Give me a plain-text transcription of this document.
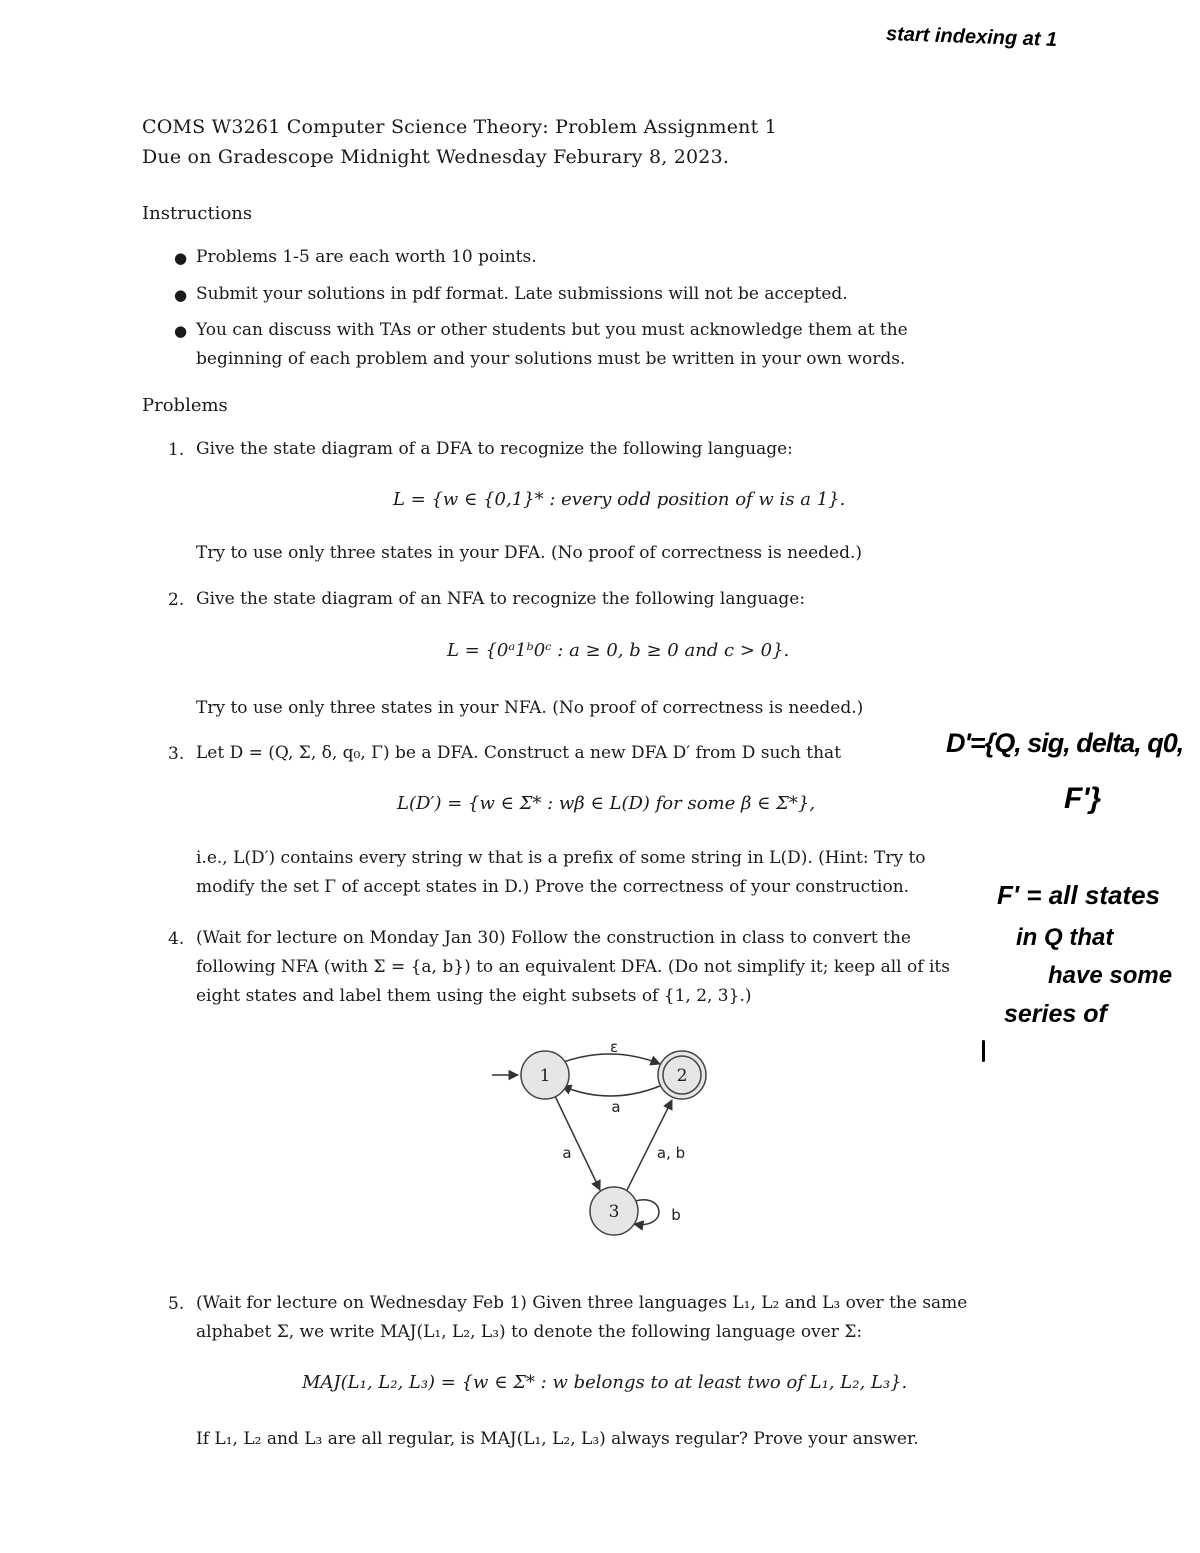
start indexing at 1
D'={Q, sig, delta, q0,
F'}
F' = all states
in Q that
have some
series of
COMS W3261 Computer Science Theory: Problem Assignment 1
Due on Gradescope Midnight Wednesday Feburary 8, 2023.
Instructions
● Problems 1-5 are each worth 10 points.
● Submit your solutions in pdf format. Late submissions will not be accepted.
● You can discuss with TAs or other students but you must acknowledge them at the
beginning of each problem and your solutions must be written in your own words.
Problems
1. Give the state diagram of a DFA to recognize the following language:
L = {w ∈ {0,1}* : every odd position of w is a 1}.
Try to use only three states in your DFA. (No proof of correctness is needed.)
2. Give the state diagram of an NFA to recognize the following language:
L = {0ᵃ1ᵇ0ᶜ : a ≥ 0, b ≥ 0 and c > 0}.
Try to use only three states in your NFA. (No proof of correctness is needed.)
3. Let D = (Q, Σ, δ, q₀, Γ) be a DFA. Construct a new DFA D′ from D such that
L(D′) = {w ∈ Σ* : wβ ∈ L(D) for some β ∈ Σ*},
i.e., L(D′) contains every string w that is a prefix of some string in L(D). (Hint: Try to
modify the set Γ of accept states in D.) Prove the correctness of your construction.
4. (Wait for lecture on Monday Jan 30) Follow the construction in class to convert the
following NFA (with Σ = {a, b}) to an equivalent DFA. (Do not simplify it; keep all of its
eight states and label them using the eight subsets of {1, 2, 3}.)
1	2
3
ε
a
a	a, b
b
5. (Wait for lecture on Wednesday Feb 1) Given three languages L₁, L₂ and L₃ over the same
alphabet Σ, we write MAJ(L₁, L₂, L₃) to denote the following language over Σ:
MAJ(L₁, L₂, L₃) = {w ∈ Σ* : w belongs to at least two of L₁, L₂, L₃}.
If L₁, L₂ and L₃ are all regular, is MAJ(L₁, L₂, L₃) always regular? Prove your answer.
